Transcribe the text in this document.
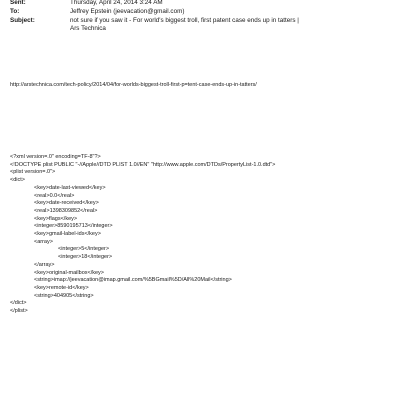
Sent:	Thursday, April 24, 2014 3:24 AM
To:	Jeffrey Epstein (jeevacation@gmail.com)
Subject:	not sure if you saw it - For world's biggest troll, first patent case ends up in tatters |
Ars Technica
http://arstechnica.com/tech-policy/2014/04/for-worlds-biggest-troll-first-p=tent-case-ends-up-in-tatters/
<?xml version=.0" encoding=TF-8"?>
<!DOCTYPE plist PUBLIC "-//Apple//DTD PLIST 1.0//EN" "http://www.apple.com/DTDs/PropertyList-1.0.dtd">
<plist version=.0">
<dict>
<key>date-last-viewed</key>
<real>0.0</real>
<key>date-received</key>
<real>1398309852</real>
<key>flags</key>
<integer>8590195713</integer>
<key>gmail-label-ids</key>
<array>
<integer>5</integer>
<integer>18</integer>
</array>
<key>original-mailbox</key>
<string>imap://jeevacation@imap.gmail.com/%5BGmail%5D/All%20Mail</string>
<key>remote-id</key>
<string>404905</string>
</dict>
</plist>
